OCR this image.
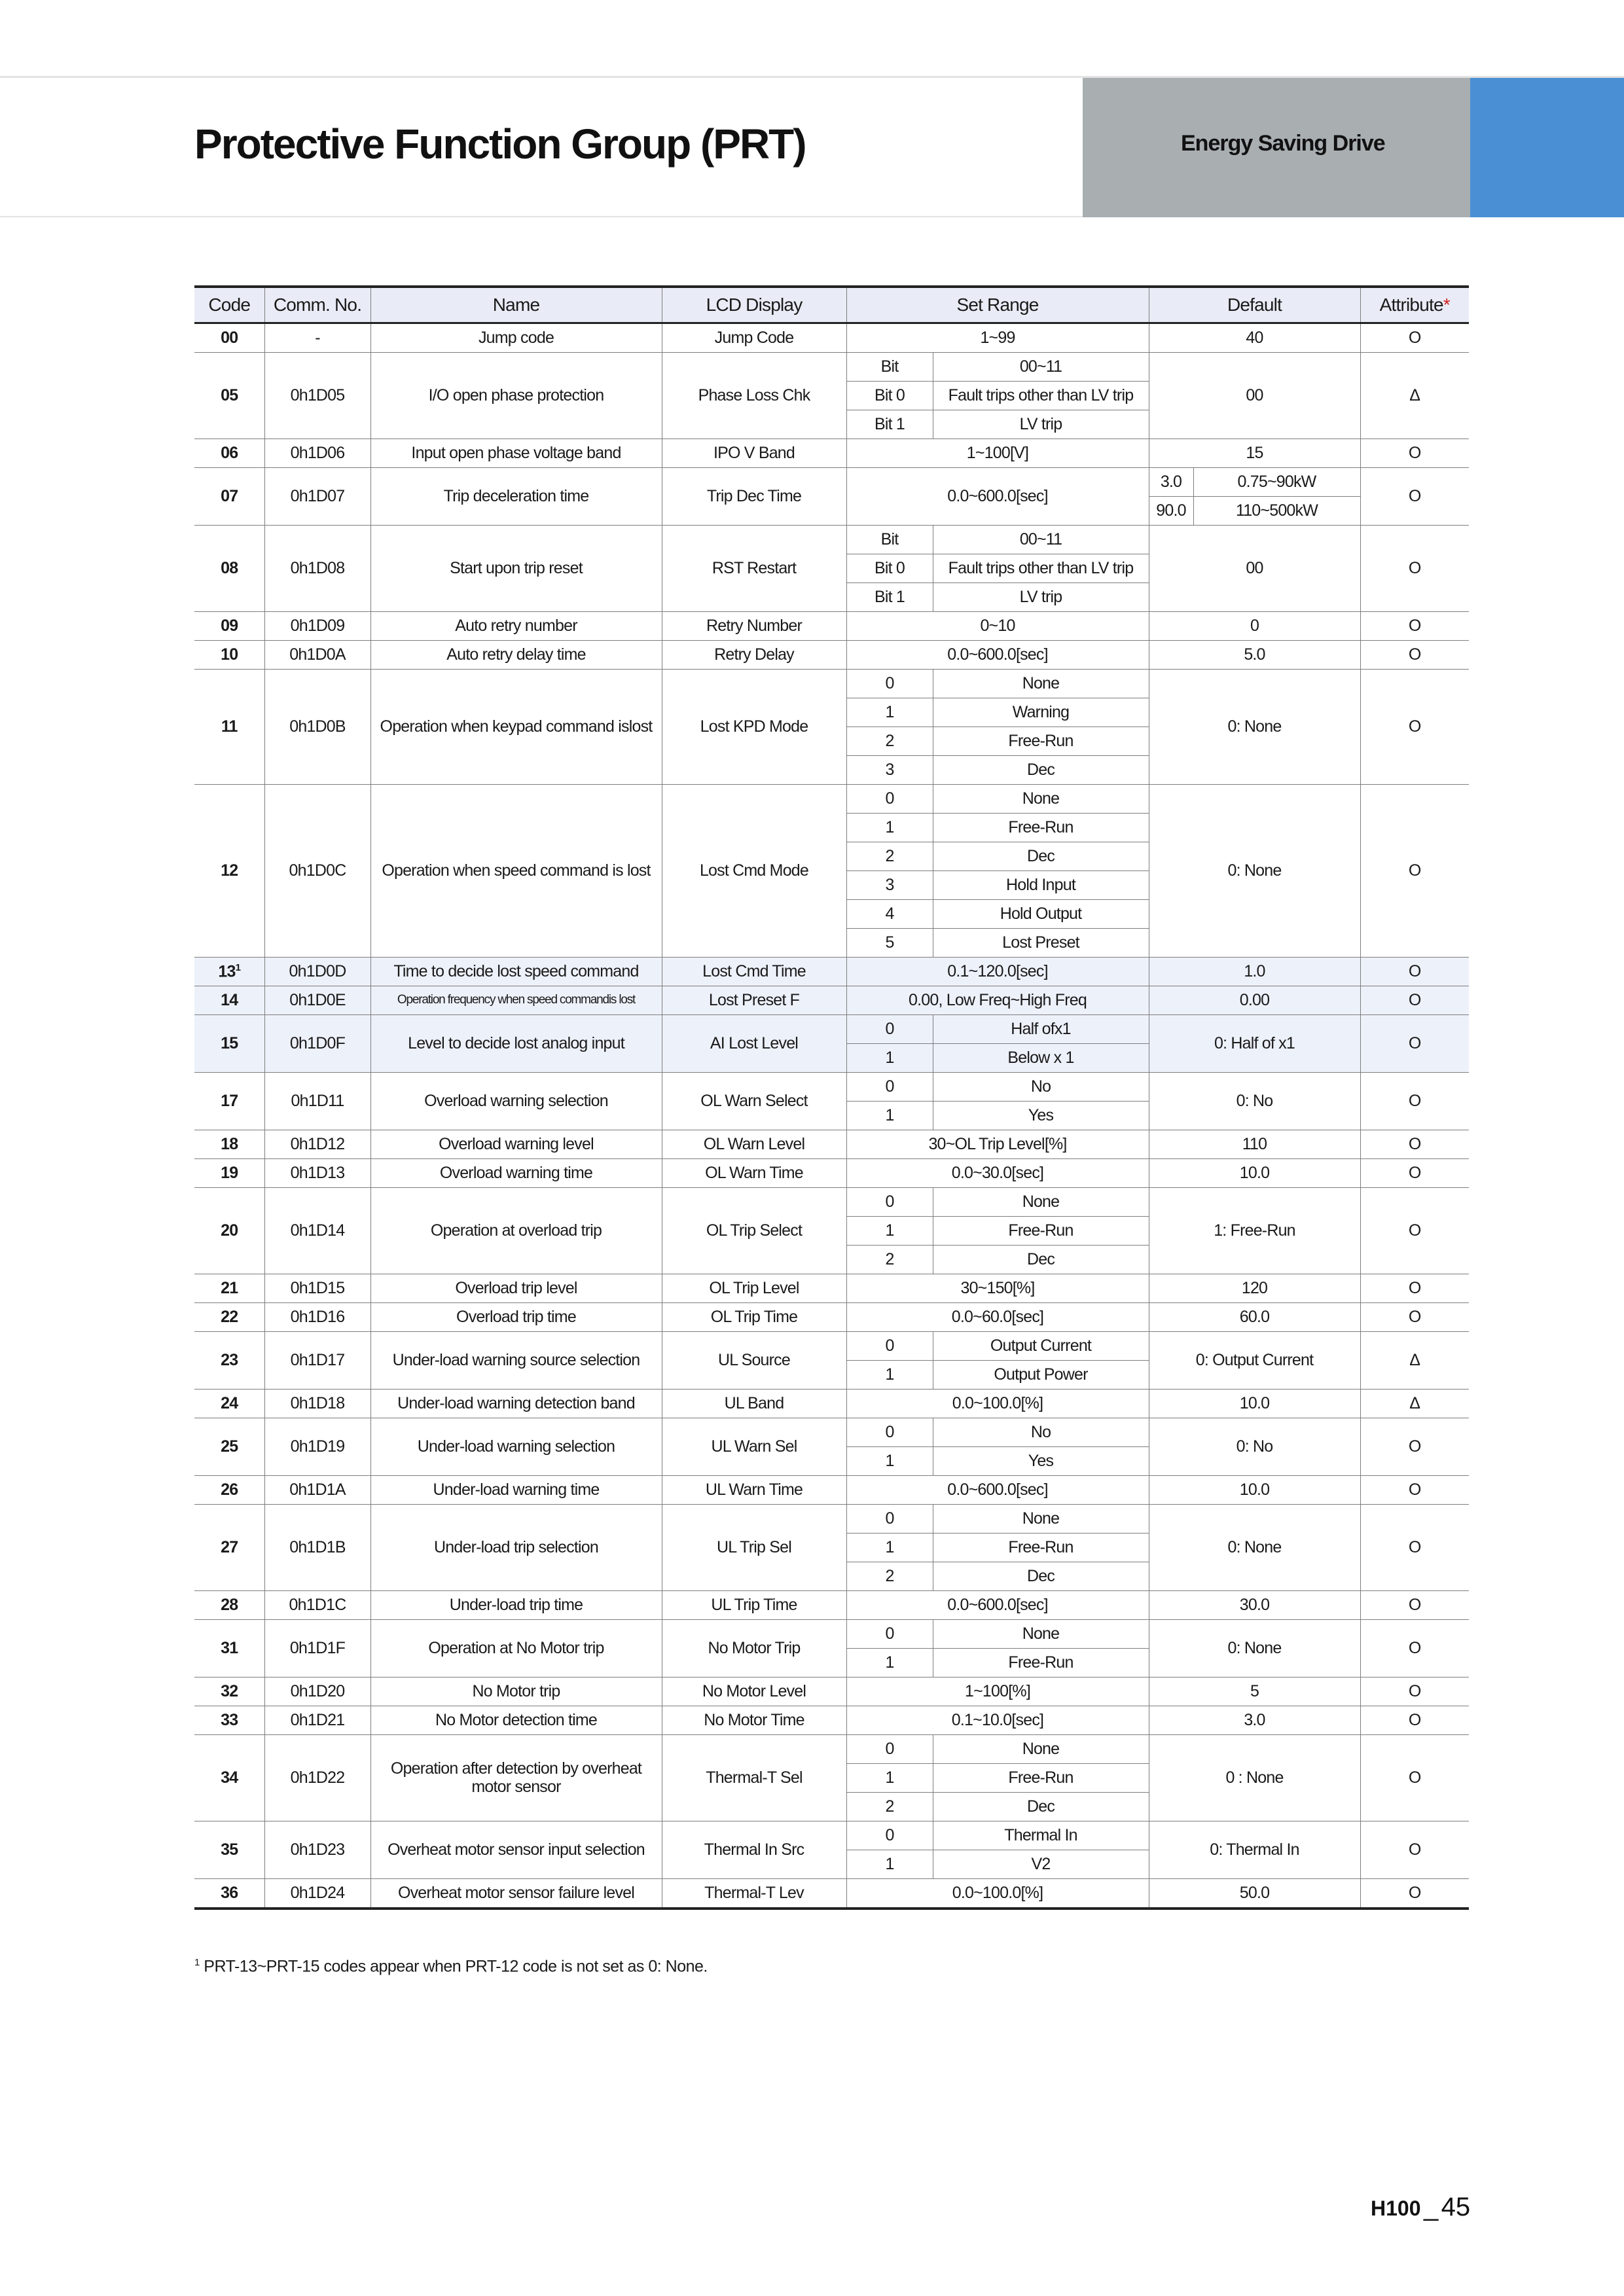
Protective Function Group (PRT)	Energy Saving Drive
Code	Comm. No.	Name	LCD Display	Set Range		Default		Attribute*
00	-	Jump code	Jump Code	1~99		40		O
05	0h1D05	I/O open phase protection	Phase Loss Chk	Bit	00~11	00		Δ
				Bit 0	Fault trips other than LV trip			
				Bit 1	LV trip			
06	0h1D06	Input open phase voltage band	IPO V Band	1~100[V]		15		O
07	0h1D07	Trip deceleration time	Trip Dec Time	0.0~600.0[sec]		3.0	0.75~90kW	O
						90.0	110~500kW	
08	0h1D08	Start upon trip reset	RST Restart	Bit	00~11	00		O
				Bit 0	Fault trips other than LV trip			
				Bit 1	LV trip			
09	0h1D09	Auto retry number	Retry Number	0~10		0		O
10	0h1D0A	Auto retry delay time	Retry Delay	0.0~600.0[sec]		5.0		O
11	0h1D0B	Operation when keypad command islost	Lost KPD Mode	0	None	0: None		O
				1	Warning			
				2	Free-Run			
				3	Dec			
12	0h1D0C	Operation when speed command is lost	Lost Cmd Mode	0	None	0: None		O
				1	Free-Run			
				2	Dec			
				3	Hold Input			
				4	Hold Output			
				5	Lost Preset			
$13^1$	0h1D0D	Time to decide lost speed command	Lost Cmd Time	0.1~120.0[sec]		1.0		O
14	0h1D0E	Operation frequency when speed commandis lost	Lost Preset F	0.00, Low Freq~High Freq		0.00		O
15	0h1D0F	Level to decide lost analog input	AI Lost Level	0	Half ofx1	0: Half of x1		O
				1	Below x 1			
17	0h1D11	Overload warning selection	OL Warn Select	0	No	0: No		O
				1	Yes			
18	0h1D12	Overload warning level	OL Warn Level	30~OL Trip Level[%]		110		O
19	0h1D13	Overload warning time	OL Warn Time	0.0~30.0[sec]		10.0		O
20	0h1D14	Operation at overload trip	OL Trip Select	0	None	1: Free-Run		O
				1	Free-Run			
				2	Dec			
21	0h1D15	Overload trip level	OL Trip Level	30~150[%]		120		O
22	0h1D16	Overload trip time	OL Trip Time	0.0~60.0[sec]		60.0		O
23	0h1D17	Under-load warning source selection	UL Source	0	Output Current	0: Output Current		Δ
				1	Output Power			
24	0h1D18	Under-load warning detection band	UL Band	0.0~100.0[%]		10.0		Δ
25	0h1D19	Under-load warning selection	UL Warn Sel	0	No	0: No		O
				1	Yes			
26	0h1D1A	Under-load warning time	UL Warn Time	0.0~600.0[sec]		10.0		O
27	0h1D1B	Under-load trip selection	UL Trip Sel	0	None	0: None		O
				1	Free-Run			
				2	Dec			
28	0h1D1C	Under-load trip time	UL Trip Time	0.0~600.0[sec]		30.0		O
31	0h1D1F	Operation at No Motor trip	No Motor Trip	0	None	0: None		O
				1	Free-Run			
32	0h1D20	No Motor trip	No Motor Level	1~100[%]		5		O
33	0h1D21	No Motor detection time	No Motor Time	0.1~10.0[sec]		3.0		O
34	0h1D22	Operation after detection by overheat motor sensor	Thermal-T Sel	0	None	0 : None		O
				1	Free-Run			
				2	Dec			
35	0h1D23	Overheat motor sensor input selection	Thermal In Src	0	Thermal In	0: Thermal In		O
				1	V2			
36	0h1D24	Overheat motor sensor failure level	Thermal-T Lev	0.0~100.0[%]		50.0		O
$^1$ PRT-13~PRT-15 codes appear when PRT-12 code is not set as 0: None.
H100 _ 45
